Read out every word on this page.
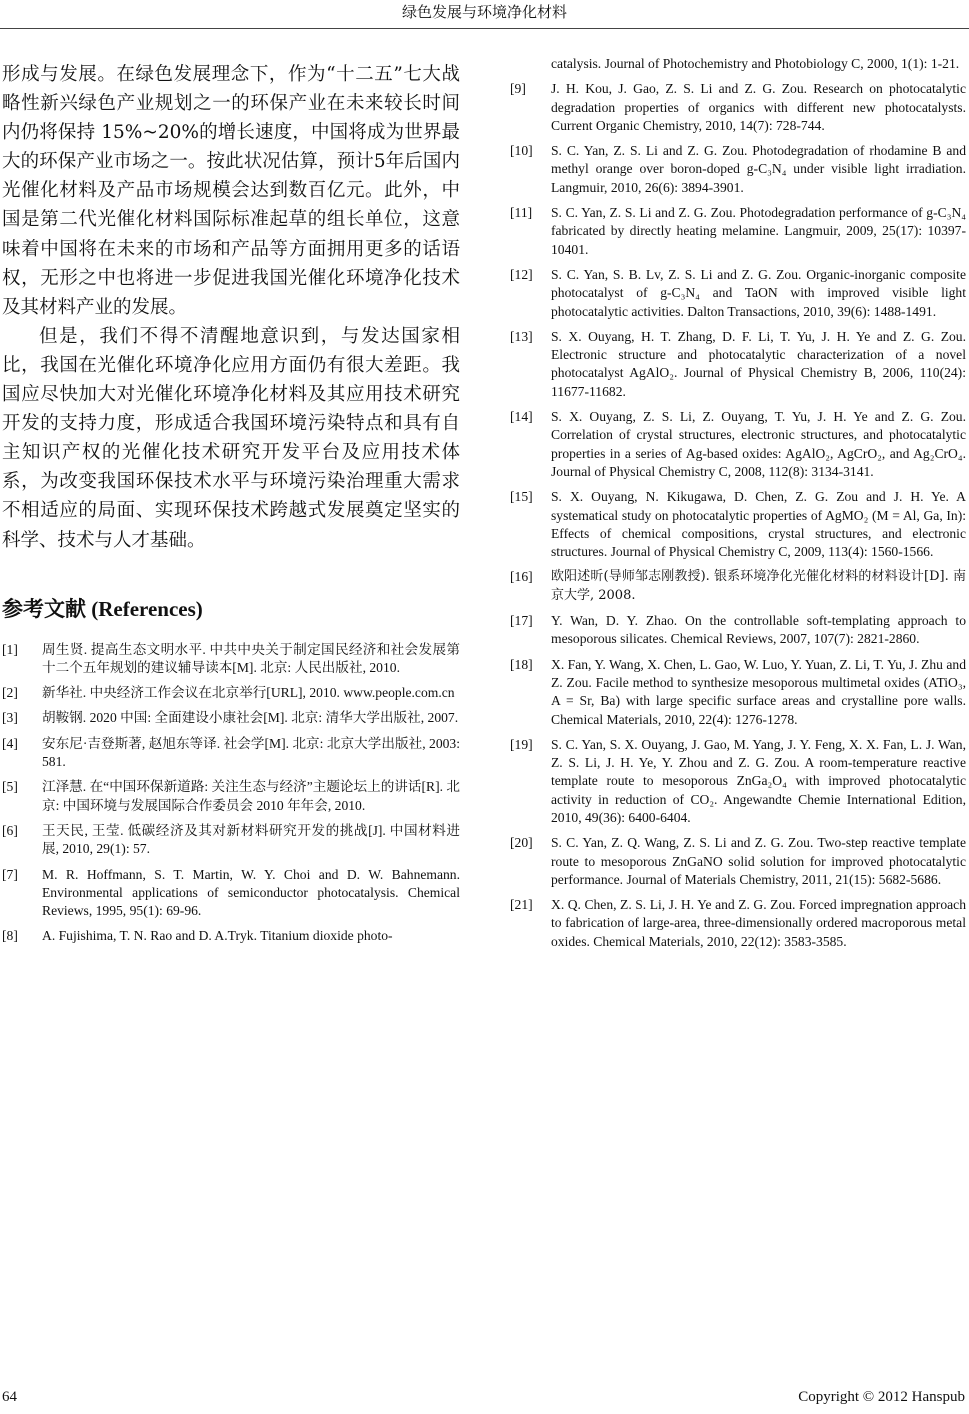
绿色发展与环境净化材料

形成与发展。在绿色发展理念下，作为“十二五”七大战略性新兴绿色产业规划之一的环保产业在未来较长时间内仍将保持 15%~20%的增长速度，中国将成为世界最大的环保产业市场之一。按此状况估算，预计5年后国内光催化材料及产品市场规模会达到数百亿元。此外，中国是第二代光催化材料国际标准起草的组长单位，这意味着中国将在未来的市场和产品等方面拥用更多的话语权，无形之中也将进一步促进我国光催化环境净化技术及其材料产业的发展。

但是，我们不得不清醒地意识到，与发达国家相比，我国在光催化环境净化应用方面仍有很大差距。我国应尽快加大对光催化环境净化材料及其应用技术研究开发的支持力度，形成适合我国环境污染特点和具有自主知识产权的光催化技术研究开发平台及应用技术体系，为改变我国环保技术水平与环境污染治理重大需求不相适应的局面、实现环保技术跨越式发展奠定坚实的科学、技术与人才基础。

参考文献 (References)
[1]	周生贤. 提高生态文明水平. 中共中央关于制定国民经济和社会发展第十二个五年规划的建议辅导读本[M]. 北京: 人民出版社, 2010.
[2]	新华社. 中央经济工作会议在北京举行[URL], 2010. www.people.com.cn
[3]	胡鞍钢. 2020 中国: 全面建设小康社会[M]. 北京: 清华大学出版社, 2007.
[4]	安东尼·吉登斯著, 赵旭东等译. 社会学[M]. 北京: 北京大学出版社, 2003: 581.
[5]	江泽慧. 在“中国环保新道路: 关注生态与经济”主题论坛上的讲话[R]. 北京: 中国环境与发展国际合作委员会 2010 年年会, 2010.
[6]	王天民, 王莹. 低碳经济及其对新材料研究开发的挑战[J]. 中国材料进展, 2010, 29(1): 57.
[7]	M. R. Hoffmann, S. T. Martin, W. Y. Choi and D. W. Bahnemann. Environmental applications of semiconductor photocatalysis. Chemical Reviews, 1995, 95(1): 69-96.
[8]	A. Fujishima, T. N. Rao and D. A.Tryk. Titanium dioxide photo-
catalysis. Journal of Photochemistry and Photobiology C, 2000, 1(1): 1-21.
[9]	J. H. Kou, J. Gao, Z. S. Li and Z. G. Zou. Research on photocatalytic degradation properties of organics with different new photocatalysts. Current Organic Chemistry, 2010, 14(7): 728-744.
[10]	S. C. Yan, Z. S. Li and Z. G. Zou. Photodegradation of rhodamine B and methyl orange over boron-doped g-C₃N₄ under visible light irradiation. Langmuir, 2010, 26(6): 3894-3901.
[11]	S. C. Yan, Z. S. Li and Z. G. Zou. Photodegradation performance of g-C₃N₄ fabricated by directly heating melamine. Langmuir, 2009, 25(17): 10397-10401.
[12]	S. C. Yan, S. B. Lv, Z. S. Li and Z. G. Zou. Organic-inorganic composite photocatalyst of g-C₃N₄ and TaON with improved visible light photocatalytic activities. Dalton Transactions, 2010, 39(6): 1488-1491.
[13]	S. X. Ouyang, H. T. Zhang, D. F. Li, T. Yu, J. H. Ye and Z. G. Zou. Electronic structure and photocatalytic characterization of a novel photocatalyst AgAlO₂. Journal of Physical Chemistry B, 2006, 110(24): 11677-11682.
[14]	S. X. Ouyang, Z. S. Li, Z. Ouyang, T. Yu, J. H. Ye and Z. G. Zou. Correlation of crystal structures, electronic structures, and photocatalytic properties in a series of Ag-based oxides: AgAlO₂, AgCrO₂, and Ag₂CrO₄. Journal of Physical Chemistry C, 2008, 112(8): 3134-3141.
[15]	S. X. Ouyang, N. Kikugawa, D. Chen, Z. G. Zou and J. H. Ye. A systematical study on photocatalytic properties of AgMO₂ (M = Al, Ga, In): Effects of chemical compositions, crystal structures, and electronic structures. Journal of Physical Chemistry C, 2009, 113(4): 1560-1566.
[16]	欧阳述昕(导师邹志刚教授). 银系环境净化光催化材料的材料设计[D]. 南京大学, 2008.
[17]	Y. Wan, D. Y. Zhao. On the controllable soft-templating approach to mesoporous silicates. Chemical Reviews, 2007, 107(7): 2821-2860.
[18]	X. Fan, Y. Wang, X. Chen, L. Gao, W. Luo, Y. Yuan, Z. Li, T. Yu, J. Zhu and Z. Zou. Facile method to synthesize mesoporous multimetal oxides (ATiO₃, A = Sr, Ba) with large specific surface areas and crystalline pore walls. Chemical Materials, 2010, 22(4): 1276-1278.
[19]	S. C. Yan, S. X. Ouyang, J. Gao, M. Yang, J. Y. Feng, X. X. Fan, L. J. Wan, Z. S. Li, J. H. Ye, Y. Zhou and Z. G. Zou. A room-temperature reactive template route to mesoporous ZnGa₂O₄ with improved photocatalytic activity in reduction of CO₂. Angewandte Chemie International Edition, 2010, 49(36): 6400-6404.
[20]	S. C. Yan, Z. Q. Wang, Z. S. Li and Z. G. Zou. Two-step reactive template route to mesoporous ZnGaNO solid solution for improved photocatalytic performance. Journal of Materials Chemistry, 2011, 21(15): 5682-5686.
[21]	X. Q. Chen, Z. S. Li, J. H. Ye and Z. G. Zou. Forced impregnation approach to fabrication of large-area, three-dimensionally ordered macroporous metal oxides. Chemical Materials, 2010, 22(12): 3583-3585.
64	Copyright © 2012 Hanspub
